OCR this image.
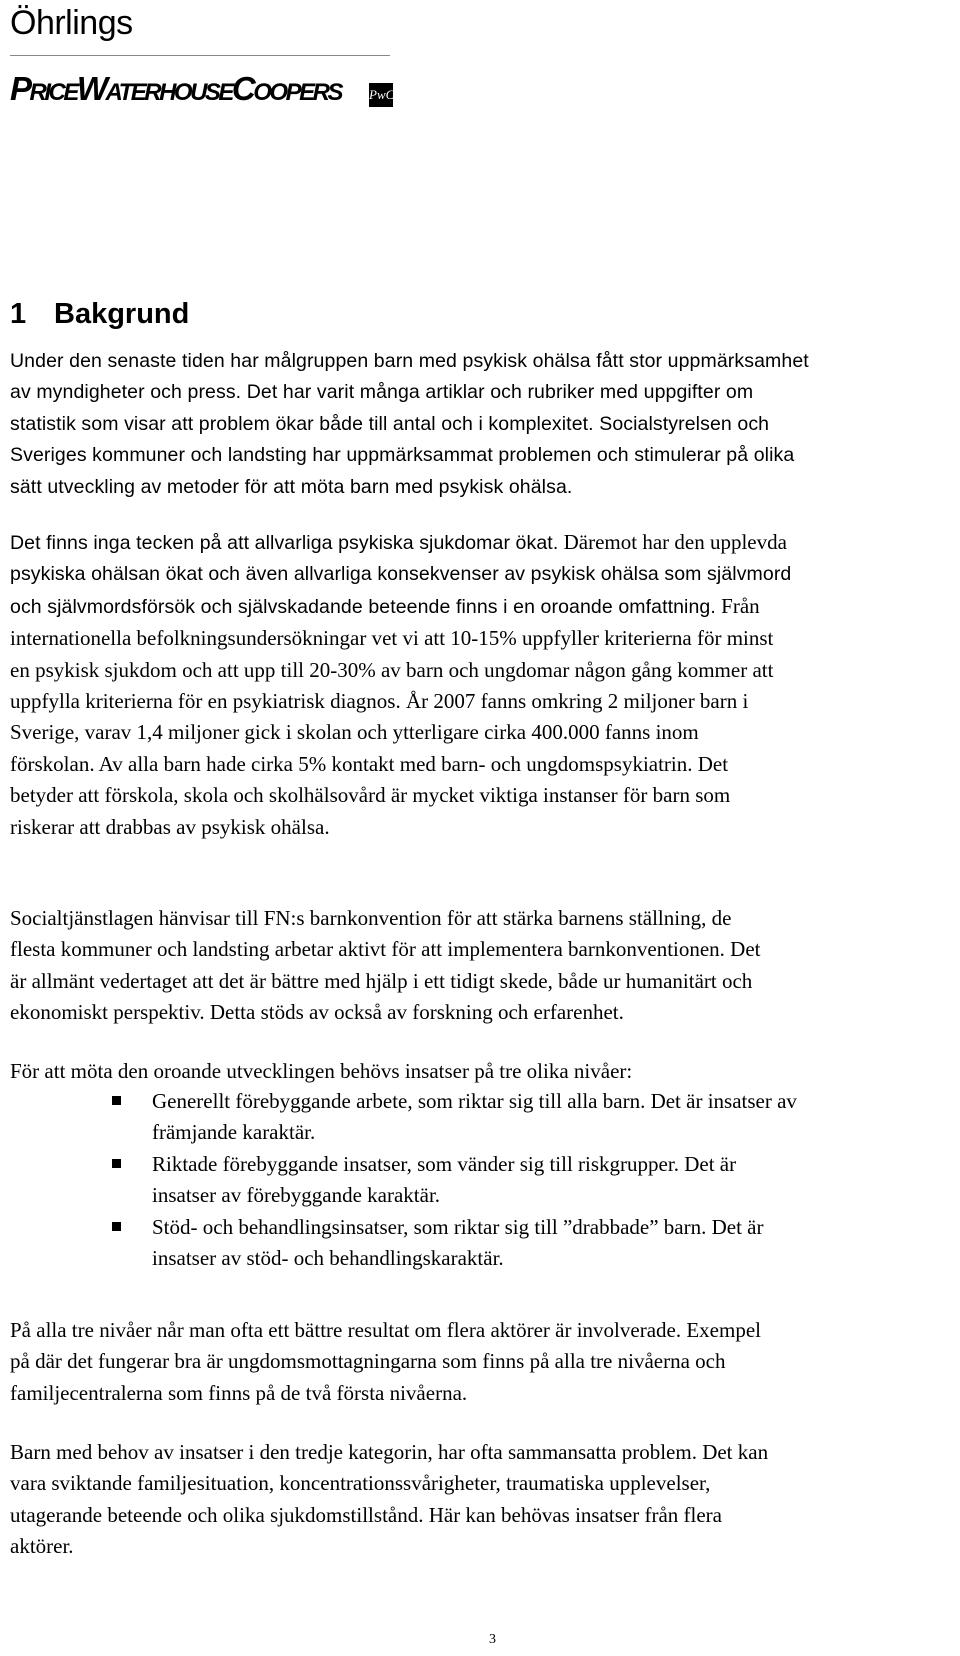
Öhrlings
PRICEWATERHOUSECOOPERS PwC
1 Bakgrund
Under den senaste tiden har målgruppen barn med psykisk ohälsa fått stor uppmärksamhet
av myndigheter och press. Det har varit många artiklar och rubriker med uppgifter om
statistik som visar att problem ökar både till antal och i komplexitet. Socialstyrelsen och
Sveriges kommuner och landsting har uppmärksammat problemen och stimulerar på olika
sätt utveckling av metoder för att möta barn med psykisk ohälsa.
Det finns inga tecken på att allvarliga psykiska sjukdomar ökat. Däremot har den upplevda
psykiska ohälsan ökat och även allvarliga konsekvenser av psykisk ohälsa som självmord
och självmordsförsök och självskadande beteende finns i en oroande omfattning. Från
internationella befolkningsundersökningar vet vi att 10-15% uppfyller kriterierna för minst
en psykisk sjukdom och att upp till 20-30% av barn och ungdomar någon gång kommer att
uppfylla kriterierna för en psykiatrisk diagnos. År 2007 fanns omkring 2 miljoner barn i
Sverige, varav 1,4 miljoner gick i skolan och ytterligare cirka 400.000 fanns inom
förskolan. Av alla barn hade cirka 5% kontakt med barn- och ungdomspsykiatrin. Det
betyder att förskola, skola och skolhälsovård är mycket viktiga instanser för barn som
riskerar att drabbas av psykisk ohälsa.
Socialtjänstlagen hänvisar till FN:s barnkonvention för att stärka barnens ställning, de
flesta kommuner och landsting arbetar aktivt för att implementera barnkonventionen. Det
är allmänt vedertaget att det är bättre med hjälp i ett tidigt skede, både ur humanitärt och
ekonomiskt perspektiv. Detta stöds av också av forskning och erfarenhet.
För att möta den oroande utvecklingen behövs insatser på tre olika nivåer:
Generellt förebyggande arbete, som riktar sig till alla barn. Det är insatser av
främjande karaktär.
Riktade förebyggande insatser, som vänder sig till riskgrupper. Det är
insatser av förebyggande karaktär.
Stöd- och behandlingsinsatser, som riktar sig till ”drabbade” barn. Det är
insatser av stöd- och behandlingskaraktär.
På alla tre nivåer når man ofta ett bättre resultat om flera aktörer är involverade. Exempel
på där det fungerar bra är ungdomsmottagningarna som finns på alla tre nivåerna och
familjecentralerna som finns på de två första nivåerna.
Barn med behov av insatser i den tredje kategorin, har ofta sammansatta problem. Det kan
vara sviktande familjesituation, koncentrationssvårigheter, traumatiska upplevelser,
utagerande beteende och olika sjukdomstillstånd. Här kan behövas insatser från flera
aktörer.
3
